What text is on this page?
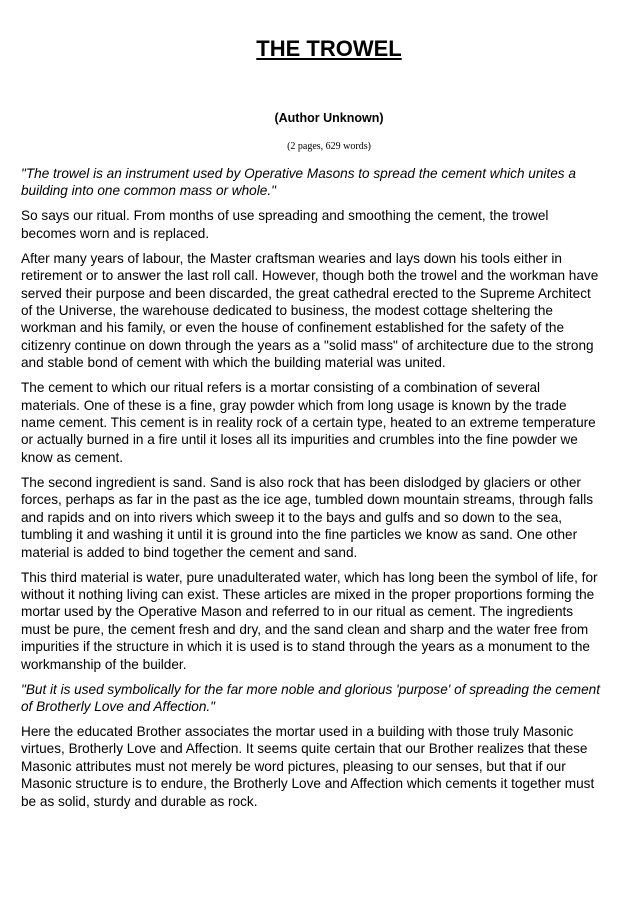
THE TROWEL
(Author Unknown)
(2 pages, 629 words)

"The trowel is an instrument used by Operative Masons to spread the cement which unites a
building into one common mass or whole."

So says our ritual. From months of use spreading and smoothing the cement, the trowel
becomes worn and is replaced.

After many years of labour, the Master craftsman wearies and lays down his tools either in
retirement or to answer the last roll call. However, though both the trowel and the workman have
served their purpose and been discarded, the great cathedral erected to the Supreme Architect
of the Universe, the warehouse dedicated to business, the modest cottage sheltering the
workman and his family, or even the house of confinement established for the safety of the
citizenry continue on down through the years as a "solid mass" of architecture due to the strong
and stable bond of cement with which the building material was united.

The cement to which our ritual refers is a mortar consisting of a combination of several
materials. One of these is a fine, gray powder which from long usage is known by the trade
name cement. This cement is in reality rock of a certain type, heated to an extreme temperature
or actually burned in a fire until it loses all its impurities and crumbles into the fine powder we
know as cement.

The second ingredient is sand. Sand is also rock that has been dislodged by glaciers or other
forces, perhaps as far in the past as the ice age, tumbled down mountain streams, through falls
and rapids and on into rivers which sweep it to the bays and gulfs and so down to the sea,
tumbling it and washing it until it is ground into the fine particles we know as sand. One other
material is added to bind together the cement and sand.

This third material is water, pure unadulterated water, which has long been the symbol of life, for
without it nothing living can exist. These articles are mixed in the proper proportions forming the
mortar used by the Operative Mason and referred to in our ritual as cement. The ingredients
must be pure, the cement fresh and dry, and the sand clean and sharp and the water free from
impurities if the structure in which it is used is to stand through the years as a monument to the
workmanship of the builder.

"But it is used symbolically for the far more noble and glorious 'purpose' of spreading the cement
of Brotherly Love and Affection."

Here the educated Brother associates the mortar used in a building with those truly Masonic
virtues, Brotherly Love and Affection. It seems quite certain that our Brother realizes that these
Masonic attributes must not merely be word pictures, pleasing to our senses, but that if our
Masonic structure is to endure, the Brotherly Love and Affection which cements it together must
be as solid, sturdy and durable as rock.
